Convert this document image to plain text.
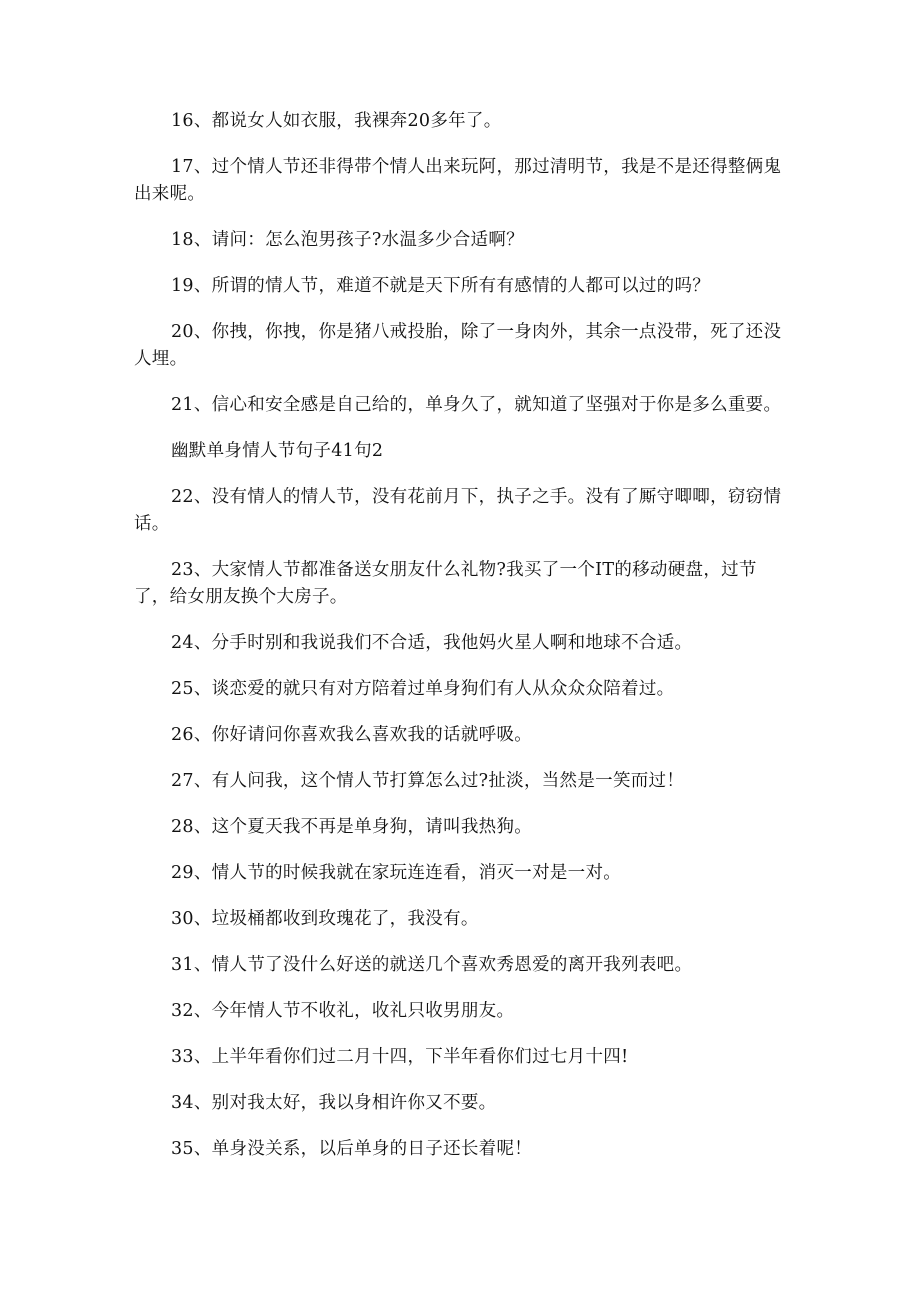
16、都说女人如衣服，我裸奔20多年了。

17、过个情人节还非得带个情人出来玩阿，那过清明节，我是不是还得整俩鬼出来呢。

18、请问：怎么泡男孩子?水温多少合适啊？

19、所谓的情人节，难道不就是天下所有有感情的人都可以过的吗？

20、你拽，你拽，你是猪八戒投胎，除了一身肉外，其余一点没带，死了还没人埋。

21、信心和安全感是自己给的，单身久了，就知道了坚强对于你是多么重要。

幽默单身情人节句子41句2

22、没有情人的情人节，没有花前月下，执子之手。没有了厮守唧唧，窃窃情话。

23、大家情人节都准备送女朋友什么礼物?我买了一个IT的移动硬盘，过节了，给女朋友换个大房子。

24、分手时别和我说我们不合适，我他妈火星人啊和地球不合适。

25、谈恋爱的就只有对方陪着过单身狗们有人从众众众陪着过。

26、你好请问你喜欢我么喜欢我的话就呼吸。

27、有人问我，这个情人节打算怎么过?扯淡，当然是一笑而过！

28、这个夏天我不再是单身狗，请叫我热狗。

29、情人节的时候我就在家玩连连看，消灭一对是一对。

30、垃圾桶都收到玫瑰花了，我没有。

31、情人节了没什么好送的就送几个喜欢秀恩爱的离开我列表吧。

32、今年情人节不收礼，收礼只收男朋友。

33、上半年看你们过二月十四，下半年看你们过七月十四!

34、别对我太好，我以身相许你又不要。

35、单身没关系，以后单身的日子还长着呢！
